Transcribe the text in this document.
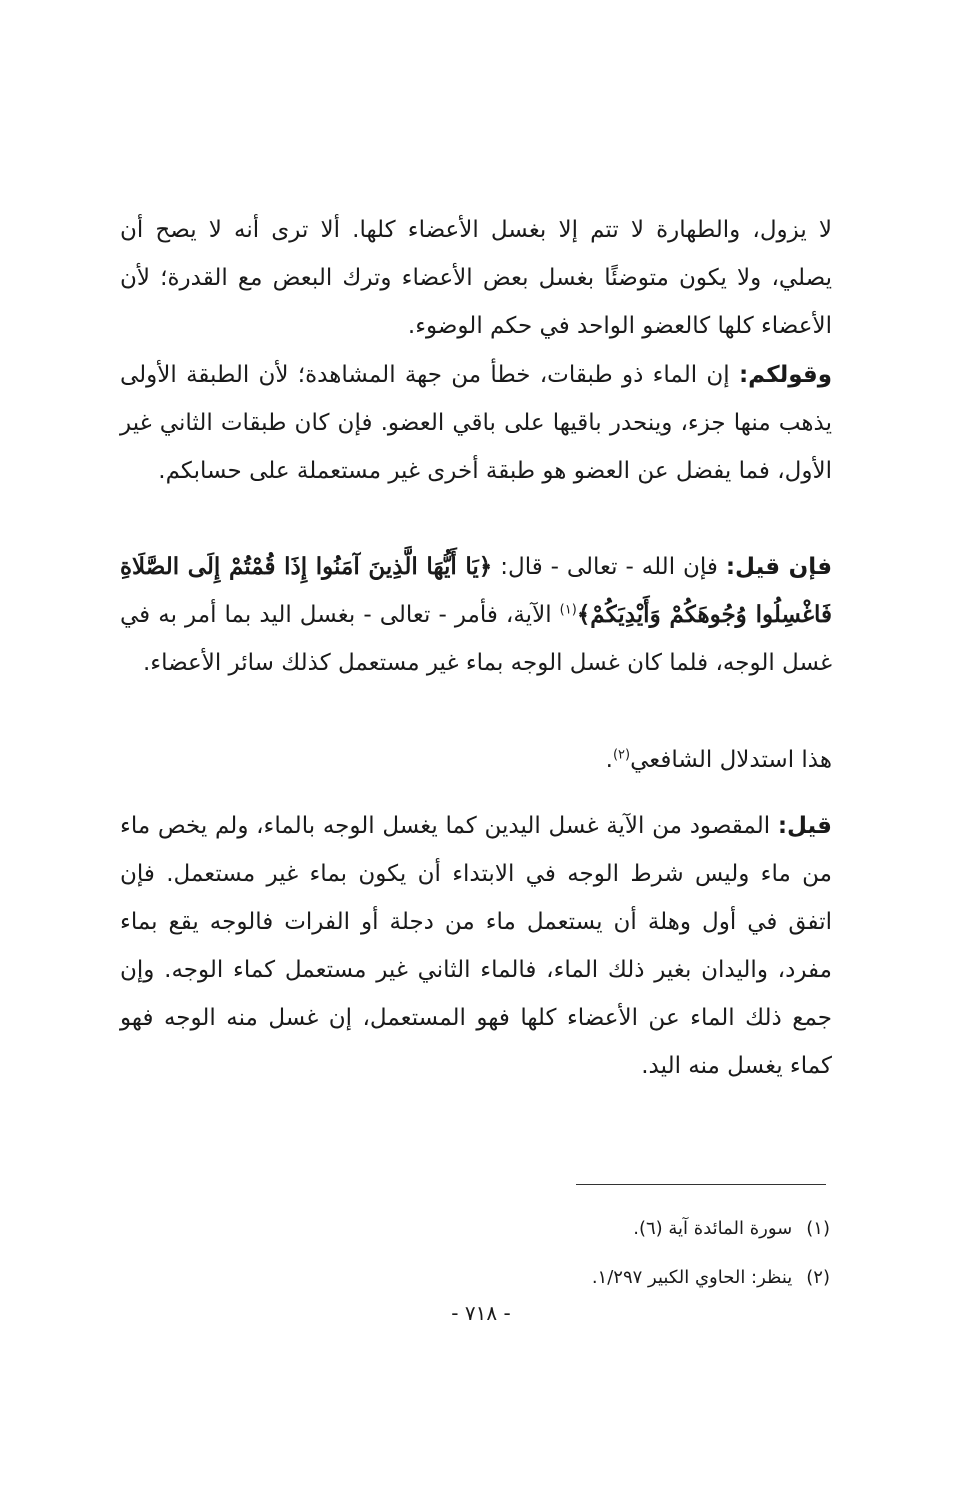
لا يزول، والطهارة لا تتم إلا بغسل الأعضاء كلها. ألا ترى أنه لا يصح أن يصلي، ولا يكون متوضئًا بغسل بعض الأعضاء وترك البعض مع القدرة؛ لأن الأعضاء كلها كالعضو الواحد في حكم الوضوء.

وقولكم: إن الماء ذو طبقات، خطأ من جهة المشاهدة؛ لأن الطبقة الأولى يذهب منها جزء، وينحدر باقيها على باقي العضو. فإن كان طبقات الثاني غير الأول، فما يفضل عن العضو هو طبقة أخرى غير مستعملة على حسابكم.

فإن قيل: فإن الله - تعالى - قال: ﴿يَا أَيُّهَا الَّذِينَ آمَنُوا إِذَا قُمْتُمْ إِلَى الصَّلَاةِ فَاغْسِلُوا وُجُوهَكُمْ وَأَيْدِيَكُمْ﴾$^{(١)}$ الآية، فأمر - تعالى - بغسل اليد بما أمر به في غسل الوجه، فلما كان غسل الوجه بماء غير مستعمل كذلك سائر الأعضاء.

هذا استدلال الشافعي$^{(٢)}$.

قيل: المقصود من الآية غسل اليدين كما يغسل الوجه بالماء، ولم يخص ماء من ماء وليس شرط الوجه في الابتداء أن يكون بماء غير مستعمل. فإن اتفق في أول وهلة أن يستعمل ماء من دجلة أو الفرات فالوجه يقع بماء مفرد، واليدان بغير ذلك الماء، فالماء الثاني غير مستعمل كماء الوجه. وإن جمع ذلك الماء عن الأعضاء كلها فهو المستعمل، إن غسل منه الوجه فهو كماء يغسل منه اليد.

(١)سورة المائدة آية (٦).

(٢)ينظر: الحاوي الكبير ١/٢٩٧.

- ٧١٨ -
